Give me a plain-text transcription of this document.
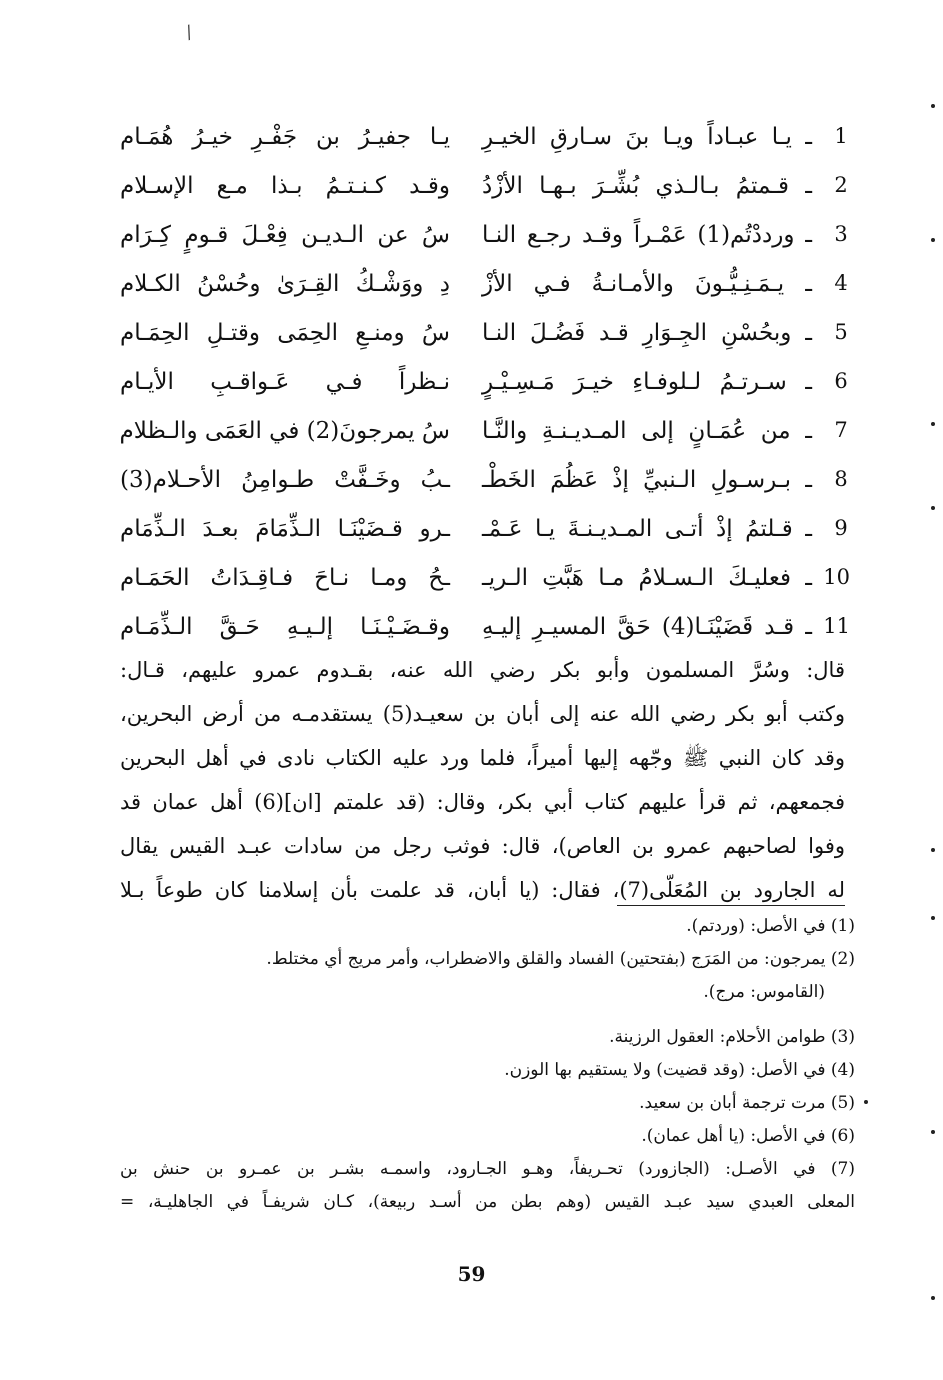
/
1
ـ يـا عبـاداً ويـا بنَ سـارقِ الخيـرِ
يـا جفيـرُ بن جَفْـرِ خيـرُ هُمَـام
2
ـ قـمتمُ بـالـذي بُشِّـرَ بـهـا الأزْدُ
وقـد كـنـتـمُ بـذا مـع الإسـلام
3
ـ ورددْتُم(1) عَمْـراً وقـد رجـع النـا
سُ عن الـديـن فِعْـلَ قـومٍ كِـرَام
4
ـ يـمَـنِـيُّـونَ والأمـانـةُ فـي الأزْ
دِ ووَشْـكُ القِـرَىٰ وحُسْنُ الكـلام
5
ـ وبحُسْنِ الجِـوَارِ قـد فَضُـلَ النـا
سُ ومنـعِ الحِمَى وقتـلِ الحِمَـام
6
ـ سـرتـمُ لـلوفـاءِ خيـرَ مَـسِـيْـرٍ
نـظراً فـي عَـواقـبِ الأيـام
7
ـ من عُمَـانٍ إلى المـديـنـةِ والنَّـا
سُ يمرجونَ(2) في العَمَى والـظلام
8
ـ بـرسـولِ الـنبيِّ إذْ عَظُمَ الخَطْـ
ـبُ وخَـفَّتْ طـوامِنُ الأحـلام(3)
9
ـ قـلتمُ إذْ أتـى المـديـنـةَ يـا عَـمْـ
ـرو قـضَيْنَـا الـذِّمَامَ بعـدَ الـذِّمَام
10
ـ فعليـكَ الـسـلامُ مـا هَبَّتِ الـريـ
ـحُ ومـا نـاحَ فـاقِـدَاتُ الحَمَـام
11
ـ قـد قَضَيْنَـا(4) حَقَّ المسيـرِ إليـهِ
وقـضَـيْـنَـا إلـيـهِ حَـقَّ الـذِّمَـام
قال: وسُرَّ المسلمون وأبو بكر رضي الله عنه، بقـدوم عمرو عليهم، قـال:
وكتب أبو بكر رضي الله عنه إلى أبان بن سعيـد(5) يستقدمـه من أرض البحرين،
وقد كان النبي ﷺ وجّهه إليها أميراً، فلما ورد عليه الكتاب نادى في أهل البحرين
فجمعهم، ثم قرأ عليهم كتاب أبي بكر، وقال: (قد علمتم [ان](6) أهل عمان قد
وفوا لصاحبهم عمرو بن العاص)، قال: فوثب رجل من سادات عبـد القيس يقال
له الجارود بن المُعَلّى(7)، فقال: (يا أبان، قد علمت بأن إسلامنا كان طوعاً بـلا
(1) في الأصل: (وردتم).
(2) يمرجون: من المَرَج (بفتحتين) الفساد والقلق والاضطراب، وأمر مريج أي مختلط.
(القاموس: مرج).
(3) طوامن الأحلام: العقول الرزينة.
(4) في الأصل: (وقد قضيت) ولا يستقيم بها الوزن.
(5) مرت ترجمة أبان بن سعيد.
(6) في الأصل: (يا أهل عمان).
(7) في الأصـل: (الجازورد) تحـريفاً، وهـو الجـارود، واسمـه بشـر بن عمـرو بن حنش بن
المعلى العبدي سيد عبـد القيس (وهم بطن من أسـد ربيعة)، كـان شريفـاً في الجاهليـة، =
59
